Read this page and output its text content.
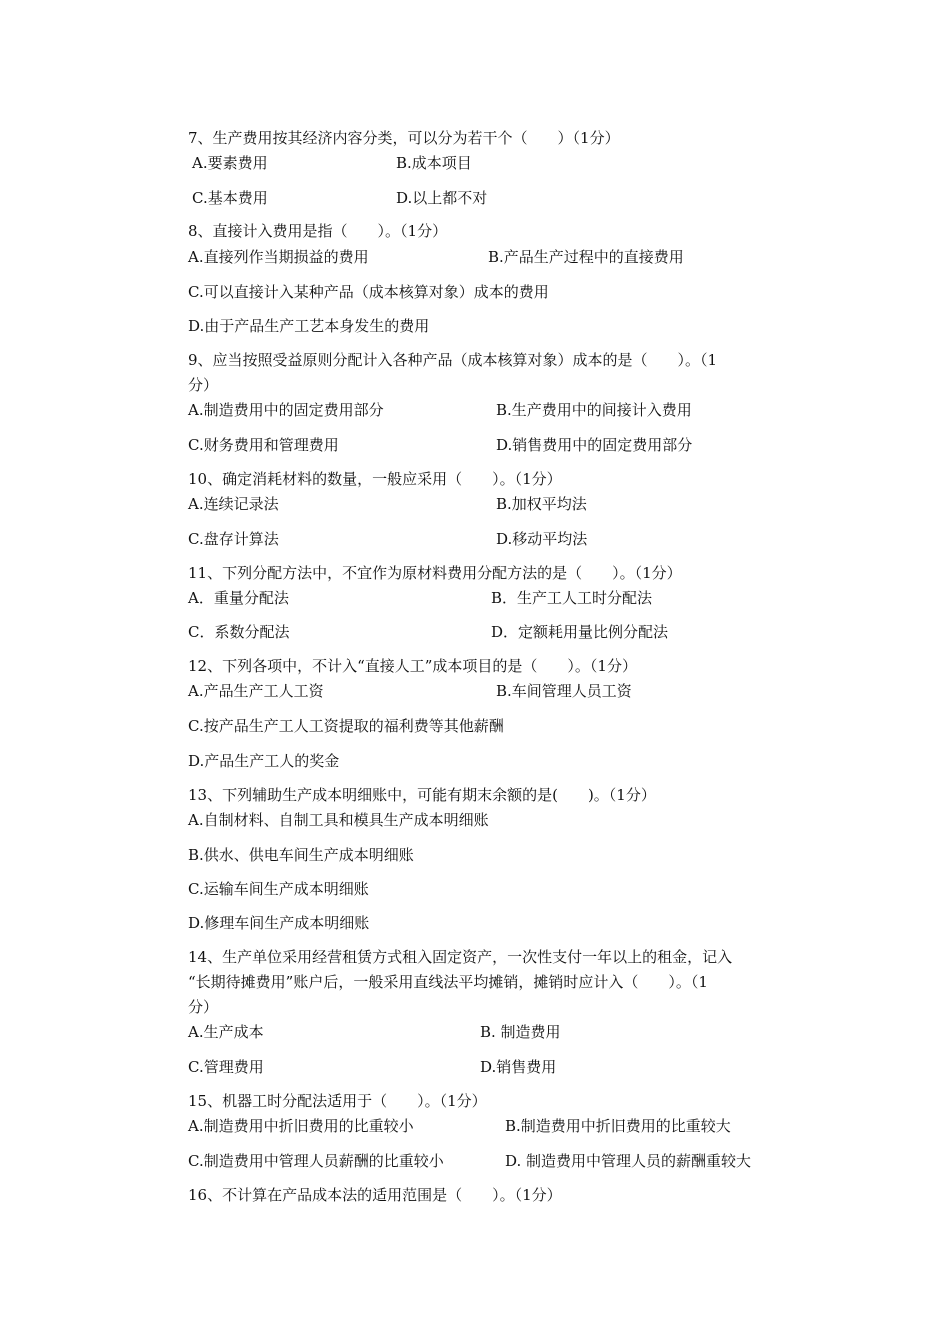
7、生产费用按其经济内容分类，可以分为若干个（　　）（1分）
A.要素费用	B.成本项目
C.基本费用	D.以上都不对
8、直接计入费用是指（　　）。（1分）
A.直接列作当期损益的费用	B.产品生产过程中的直接费用
C.可以直接计入某种产品（成本核算对象）成本的费用
D.由于产品生产工艺本身发生的费用
9、应当按照受益原则分配计入各种产品（成本核算对象）成本的是（　　）。（1
分）
A.制造费用中的固定费用部分	B.生产费用中的间接计入费用
C.财务费用和管理费用	D.销售费用中的固定费用部分
10、确定消耗材料的数量，一般应采用（　　）。（1分）
A.连续记录法	B.加权平均法
C.盘存计算法	D.移动平均法
11、下列分配方法中，不宜作为原材料费用分配方法的是（　　）。（1分）
A．重量分配法	B．生产工人工时分配法
C．系数分配法	D．定额耗用量比例分配法
12、下列各项中，不计入“直接人工”成本项目的是（　　）。（1分）
A.产品生产工人工资	B.车间管理人员工资
C.按产品生产工人工资提取的福利费等其他薪酬
D.产品生产工人的奖金
13、下列辅助生产成本明细账中，可能有期末余额的是(　　)。（1分）
A.自制材料、自制工具和模具生产成本明细账
B.供水、供电车间生产成本明细账
C.运输车间生产成本明细账
D.修理车间生产成本明细账
14、生产单位采用经营租赁方式租入固定资产，一次性支付一年以上的租金，记入
“长期待摊费用”账户后，一般采用直线法平均摊销，摊销时应计入（　　）。（1
分）
A.生产成本	B. 制造费用
C.管理费用	D.销售费用
15、机器工时分配法适用于（　　）。（1分）
A.制造费用中折旧费用的比重较小	B.制造费用中折旧费用的比重较大
C.制造费用中管理人员薪酬的比重较小	D. 制造费用中管理人员的薪酬重较大
16、不计算在产品成本法的适用范围是（　　）。（1分）
